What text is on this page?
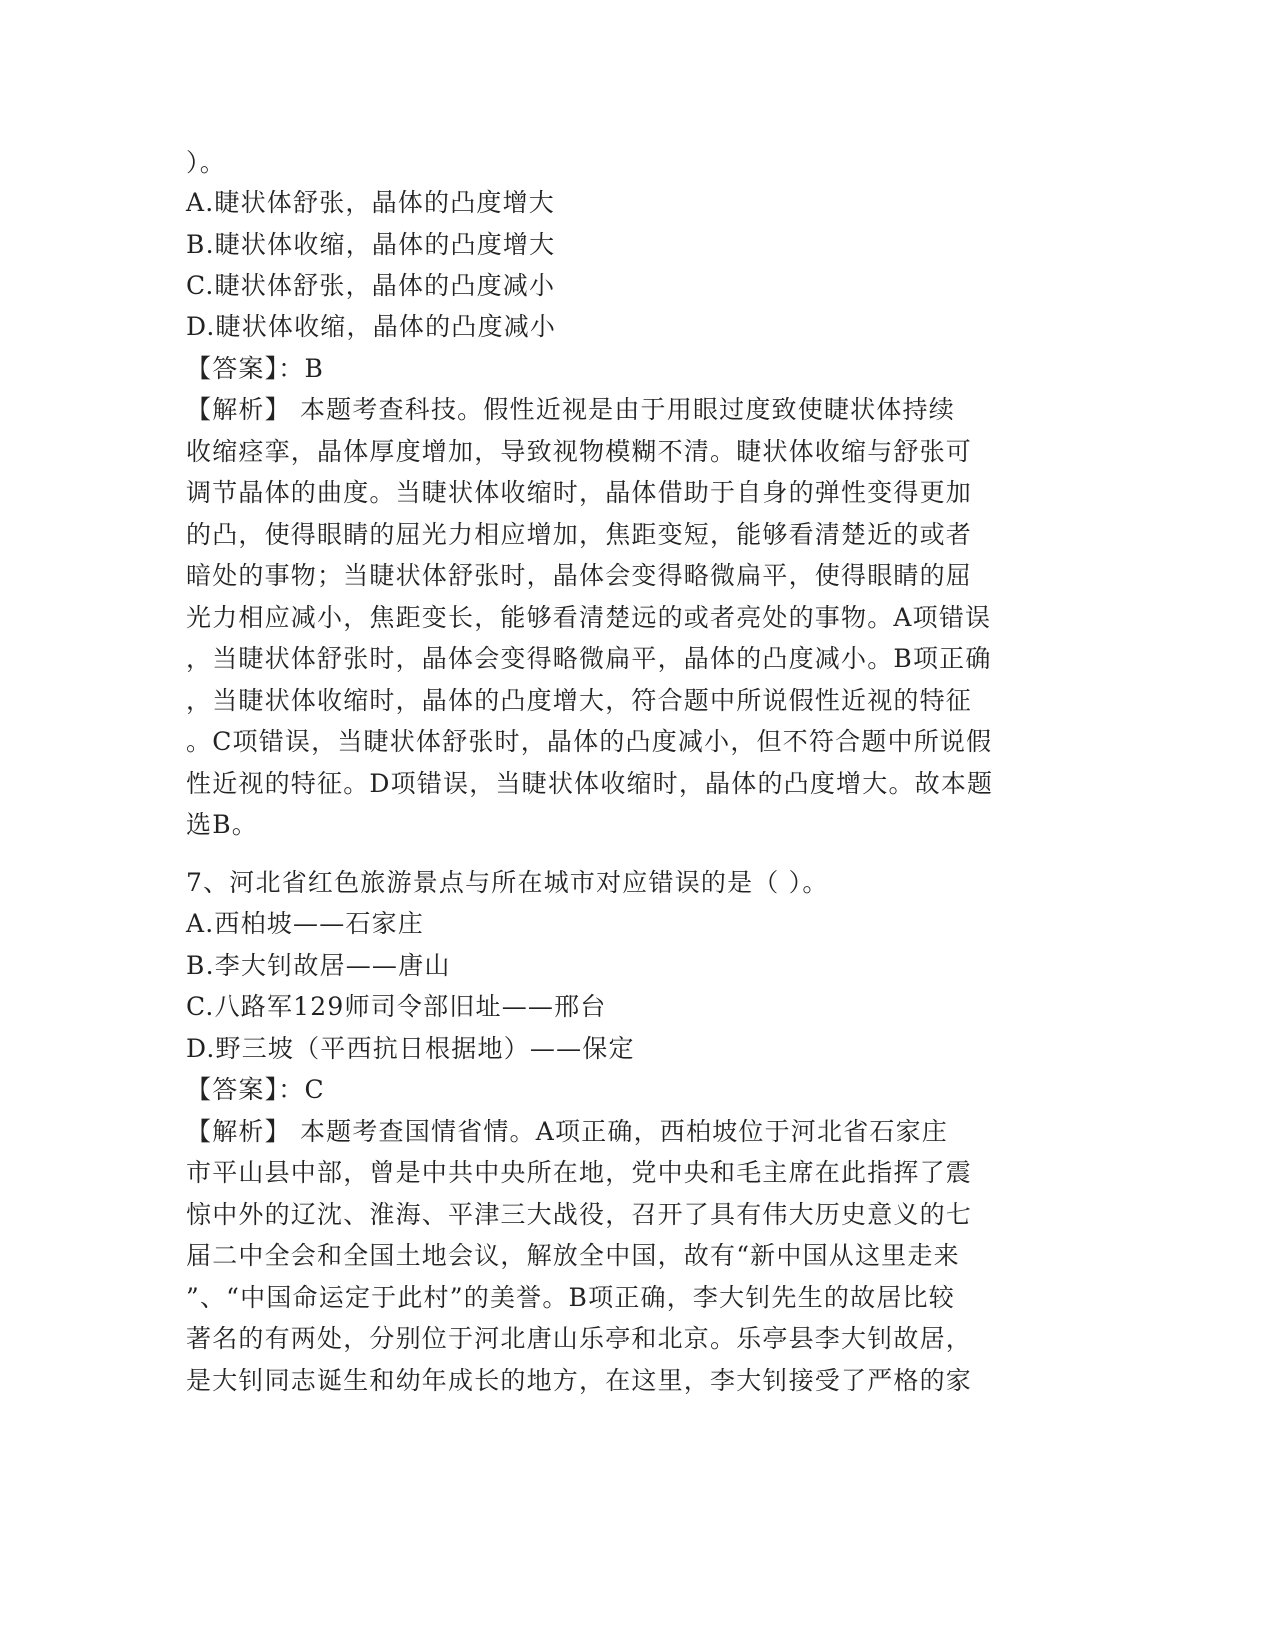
）。
A.睫状体舒张，晶体的凸度增大
B.睫状体收缩，晶体的凸度增大
C.睫状体舒张，晶体的凸度减小
D.睫状体收缩，晶体的凸度减小
【答案】：B
【解析】 本题考查科技。假性近视是由于用眼过度致使睫状体持续
收缩痉挛，晶体厚度增加，导致视物模糊不清。睫状体收缩与舒张可
调节晶体的曲度。当睫状体收缩时，晶体借助于自身的弹性变得更加
的凸，使得眼睛的屈光力相应增加，焦距变短，能够看清楚近的或者
暗处的事物；当睫状体舒张时，晶体会变得略微扁平，使得眼睛的屈
光力相应减小，焦距变长，能够看清楚远的或者亮处的事物。A项错误
，当睫状体舒张时，晶体会变得略微扁平，晶体的凸度减小。B项正确
，当睫状体收缩时，晶体的凸度增大，符合题中所说假性近视的特征
。C项错误，当睫状体舒张时，晶体的凸度减小，但不符合题中所说假
性近视的特征。D项错误，当睫状体收缩时，晶体的凸度增大。故本题
选B。
7、河北省红色旅游景点与所在城市对应错误的是（ ）。
A.西柏坡——石家庄
B.李大钊故居——唐山
C.八路军129师司令部旧址——邢台
D.野三坡（平西抗日根据地）——保定
【答案】：C
【解析】 本题考查国情省情。A项正确，西柏坡位于河北省石家庄
市平山县中部，曾是中共中央所在地，党中央和毛主席在此指挥了震
惊中外的辽沈、淮海、平津三大战役，召开了具有伟大历史意义的七
届二中全会和全国土地会议，解放全中国，故有“新中国从这里走来
”、“中国命运定于此村”的美誉。B项正确，李大钊先生的故居比较
著名的有两处，分别位于河北唐山乐亭和北京。乐亭县李大钊故居，
是大钊同志诞生和幼年成长的地方，在这里，李大钊接受了严格的家
